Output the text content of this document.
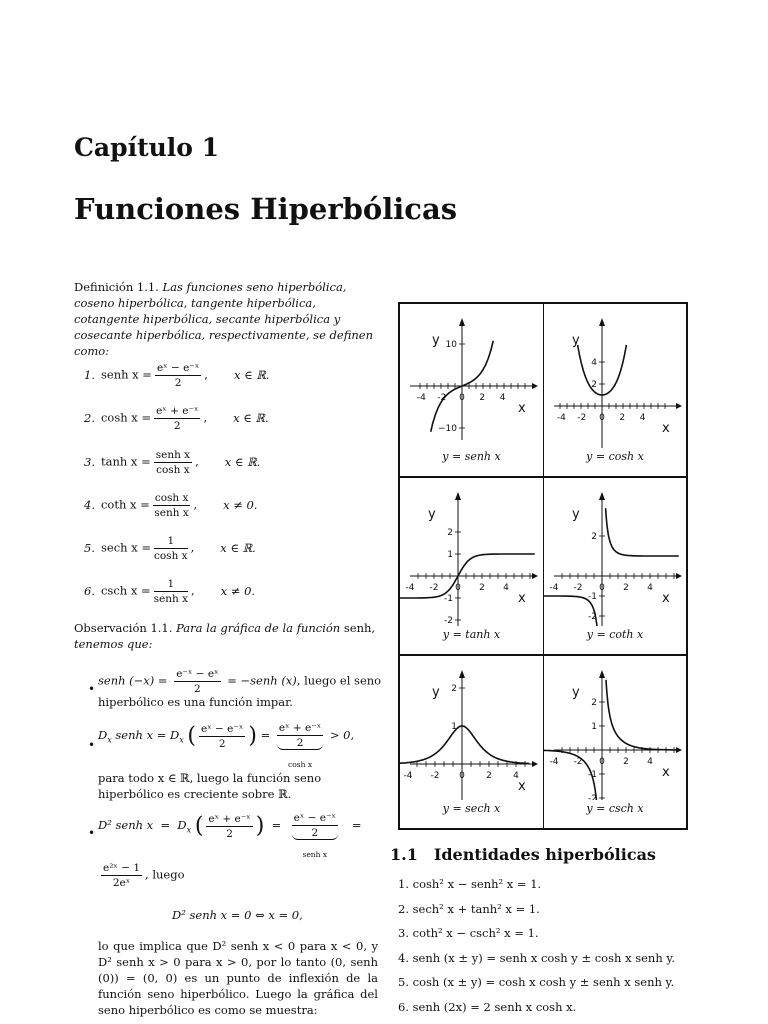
Capítulo 1
Funciones Hiperbólicas
Definición 1.1. Las funciones seno hiperbólica, coseno hiperbólica, tangente hiperbólica, cotangente hiperbólica, secante hiperbólica y cosecante hiperbólica, respectivamente, se definen como:
1. senh $x = \frac{\text{eˣ − e⁻ˣ}}{2}$ , x ∈ ℝ.
2. $\cosh x = \frac{\text{eˣ + e⁻ˣ}}{2}$ , x ∈ ℝ.
3. $\tanh x = \frac{\text{senh x}}{\text{cosh x}}$ , x ∈ ℝ.
4. coth $x = \frac{\text{cosh x}}{\text{senh x}}$ , x ≠ 0.
5. sech $x = \frac{1}{\text{cosh x}}$ , x ∈ ℝ.
6. csch $x = \frac{1}{\text{senh x}}$ , x ≠ 0.
Observación 1.1. Para la gráfica de la función senh, tenemos que:
•
senh $(-x) = \frac{\text{e⁻ˣ − eˣ}}{2}$ = −senh (x), luego el seno
hiperbólico es una función impar.
•
$D_x$ senh $x = D_x$ ( $\frac{\text{eˣ − e⁻ˣ}}{2}$ ) = eˣ + e⁻ˣ
2
cosh x
> 0,
para todo x ∈ ℝ, luego la función seno hiperbólico es creciente sobre ℝ.
•
D² senh $x = D_x$ ( $\frac{\text{eˣ + e⁻ˣ}}{2}$ )  = eˣ − e⁻ˣ
2
senh x
=
$\frac{\text{e²ˣ − 1}}{\text{2eˣ}}$ , luego
D² senh x = 0 ⇔ x = 0,
lo que implica que D² senh x < 0 para x < 0, y D² senh x > 0 para x > 0, por lo tanto (0, senh (0)) = (0, 0) es un punto de inflexión de la función seno hiperbólico. Luego la gráfica del seno hiperbólico es como se muestra:
-4 -2 0 2 4
10
−10
y
x
y = senh x
-4 -2 0 2 4
2
4
y
x
y = cosh x
-4 -2 0 2 4
2
1
-1
-2
y
x
y = tanh x
-4 -2 0 2 4
2
-1
-2
y
x
y = coth x
-4 -2 0 2 4
2
1
y
x
y = sech x
-4 -2 0 2 4
2
1
-1
-2
y
x
y = csch x
1.1 Identidades hiperbólicas
1. cosh² x − senh² x = 1.
2. sech² x + tanh² x = 1.
3. coth² x − csch² x = 1.
4. senh (x ± y) = senh x cosh y ± cosh x senh y.
5. cosh (x ± y) = cosh x cosh y ± senh x senh y.
6. senh (2x) = 2 senh x cosh x.
